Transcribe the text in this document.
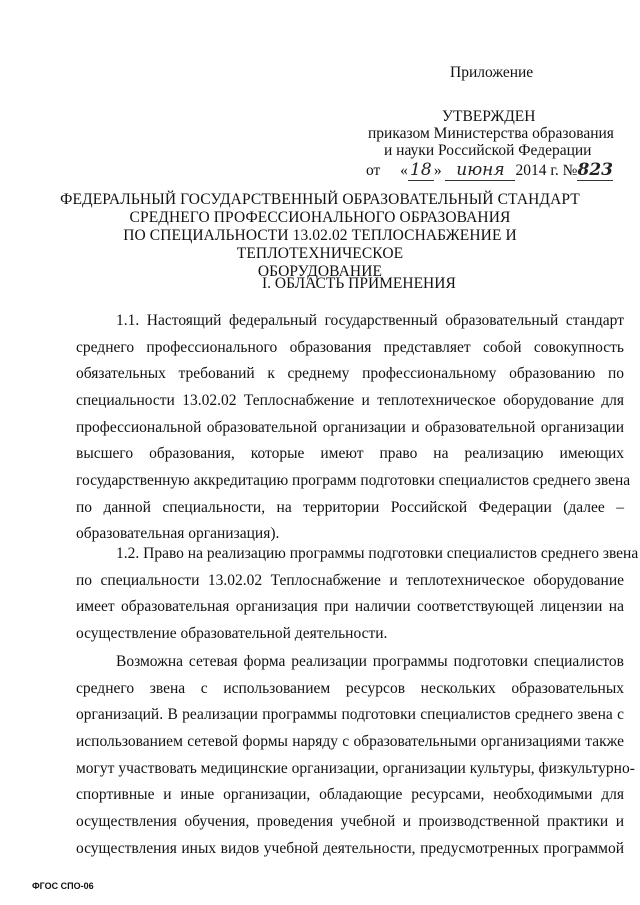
Приложение
УТВЕРЖДЕН
приказом Министерства образования
и науки Российской Федерации
от « 18 » июня 2014 г. №823
ФЕДЕРАЛЬНЫЙ ГОСУДАРСТВЕННЫЙ ОБРАЗОВАТЕЛЬНЫЙ СТАНДАРТ
СРЕДНЕГО ПРОФЕССИОНАЛЬНОГО ОБРАЗОВАНИЯ
ПО СПЕЦИАЛЬНОСТИ 13.02.02 ТЕПЛОСНАБЖЕНИЕ И ТЕПЛОТЕХНИЧЕСКОЕ
ОБОРУДОВАНИЕ
I. ОБЛАСТЬ ПРИМЕНЕНИЯ
1.1. Настоящий федеральный государственный образовательный стандарт
среднего профессионального образования представляет собой совокупность
обязательных требований к среднему профессиональному образованию по
специальности 13.02.02 Теплоснабжение и теплотехническое оборудование для
профессиональной образовательной организации и образовательной организации
высшего образования, которые имеют право на реализацию имеющих
государственную аккредитацию программ подготовки специалистов среднего звена
по данной специальности, на территории Российской Федерации (далее –
образовательная организация).
1.2. Право на реализацию программы подготовки специалистов среднего звена
по специальности 13.02.02 Теплоснабжение и теплотехническое оборудование
имеет образовательная организация при наличии соответствующей лицензии на
осуществление образовательной деятельности.
Возможна сетевая форма реализации программы подготовки специалистов
среднего звена с использованием ресурсов нескольких образовательных
организаций. В реализации программы подготовки специалистов среднего звена с
использованием сетевой формы наряду с образовательными организациями также
могут участвовать медицинские организации, организации культуры, физкультурно-
спортивные и иные организации, обладающие ресурсами, необходимыми для
осуществления обучения, проведения учебной и производственной практики и
осуществления иных видов учебной деятельности, предусмотренных программой
ФГОС СПО-06
